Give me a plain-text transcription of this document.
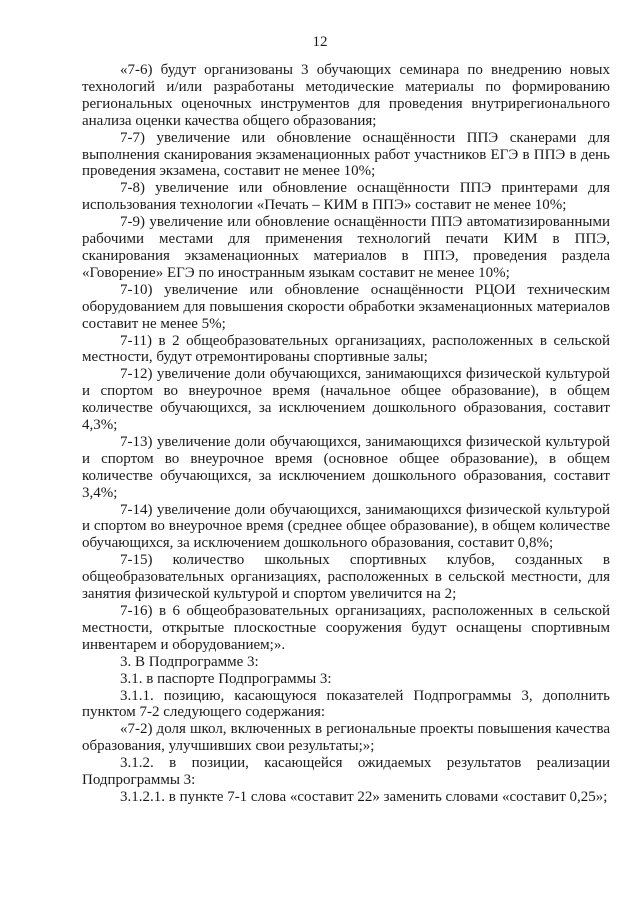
12

«7-6) будут организованы 3 обучающих семинара по внедрению новых технологий и/или разработаны методические материалы по формированию региональных оценочных инструментов для проведения внутрирегионального анализа оценки качества общего образования;

7-7) увеличение или обновление оснащённости ППЭ сканерами для выполнения сканирования экзаменационных работ участников ЕГЭ в ППЭ в день проведения экзамена, составит не менее 10%;

7-8) увеличение или обновление оснащённости ППЭ принтерами для использования технологии «Печать – КИМ в ППЭ» составит не менее 10%;

7-9) увеличение или обновление оснащённости ППЭ автоматизированными рабочими местами для применения технологий печати КИМ в ППЭ, сканирования экзаменационных материалов в ППЭ, проведения раздела «Говорение» ЕГЭ по иностранным языкам составит не менее 10%;

7-10) увеличение или обновление оснащённости РЦОИ техническим оборудованием для повышения скорости обработки экзаменационных материалов составит не менее 5%;

7-11) в 2 общеобразовательных организациях, расположенных в сельской местности, будут отремонтированы спортивные залы;

7-12) увеличение доли обучающихся, занимающихся физической культурой и спортом во внеурочное время (начальное общее образование), в общем количестве обучающихся, за исключением дошкольного образования, составит 4,3%;

7-13) увеличение доли обучающихся, занимающихся физической культурой и спортом во внеурочное время (основное общее образование), в общем количестве обучающихся, за исключением дошкольного образования, составит 3,4%;

7-14) увеличение доли обучающихся, занимающихся физической культурой и спортом во внеурочное время (среднее общее образование), в общем количестве обучающихся, за исключением дошкольного образования, составит 0,8%;

7-15) количество школьных спортивных клубов, созданных в общеобразовательных организациях, расположенных в сельской местности, для занятия физической культурой и спортом увеличится на 2;

7-16) в 6 общеобразовательных организациях, расположенных в сельской местности, открытые плоскостные сооружения будут оснащены спортивным инвентарем и оборудованием;».

3. В Подпрограмме 3:

3.1. в паспорте Подпрограммы 3:

3.1.1. позицию, касающуюся показателей Подпрограммы 3, дополнить пунктом 7-2 следующего содержания:

«7-2) доля школ, включенных в региональные проекты повышения качества образования, улучшивших свои результаты;»;

3.1.2. в позиции, касающейся ожидаемых результатов реализации Подпрограммы 3:

3.1.2.1. в пункте 7-1 слова «составит 22» заменить словами «составит 0,25»;
